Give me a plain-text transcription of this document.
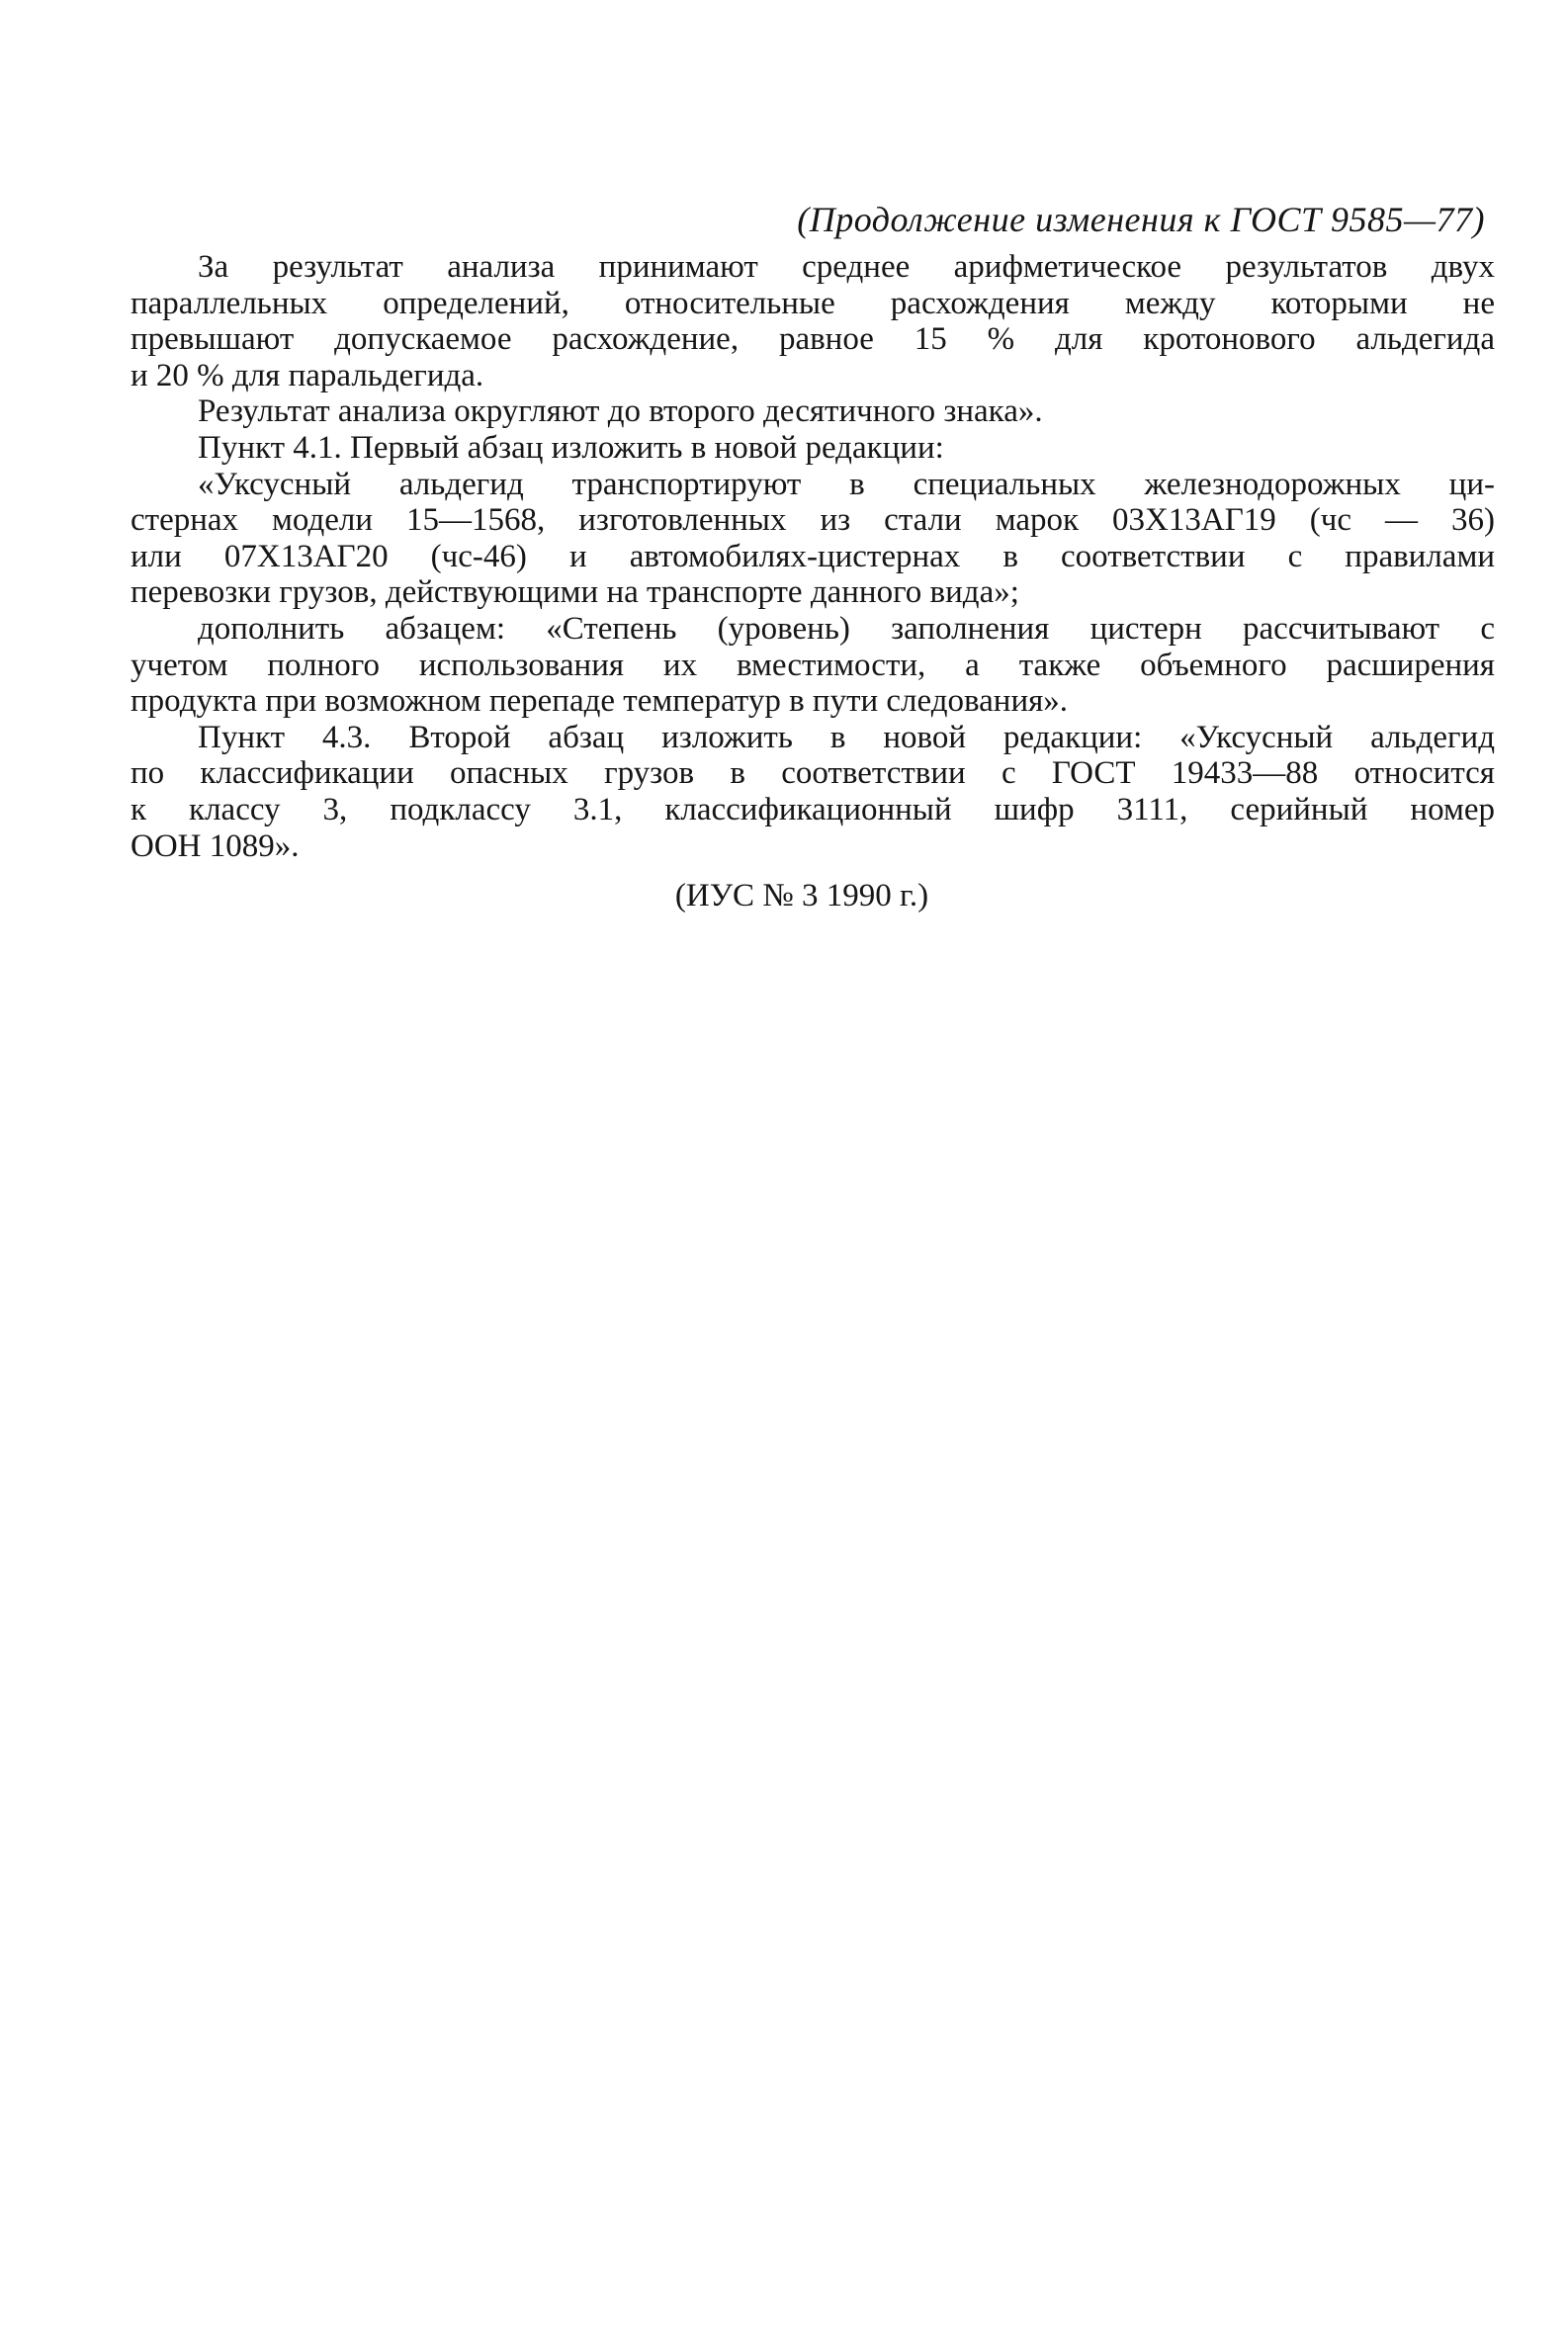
(Продолжение изменения к ГОСТ 9585—77)

За результат анализа принимают среднее арифметическое результатов двух
параллельных определений, относительные расхождения между которыми не
превышают допускаемое расхождение, равное 15 % для кротонового альдегида
и 20 % для паральдегида.

Результат анализа округляют до второго десятичного знака».

Пункт 4.1. Первый абзац изложить в новой редакции:

«Уксусный альдегид транспортируют в специальных железнодорожных ци-
стернах модели 15—1568, изготовленных из стали марок 03Х13АГ19 (чс — 36)
или 07Х13АГ20 (чс-46) и автомобилях-цистернах в соответствии с правилами
перевозки грузов, действующими на транспорте данного вида»;

дополнить абзацем: «Степень (уровень) заполнения цистерн рассчитывают с
учетом полного использования их вместимости, а также объемного расширения
продукта при возможном перепаде температур в пути следования».

Пункт 4.3. Второй абзац изложить в новой редакции: «Уксусный альдегид
по классификации опасных грузов в соответствии с ГОСТ 19433—88 относится
к классу 3, подклассу 3.1, классификационный шифр 3111, серийный номер
ООН 1089».

(ИУС № 3 1990 г.)
